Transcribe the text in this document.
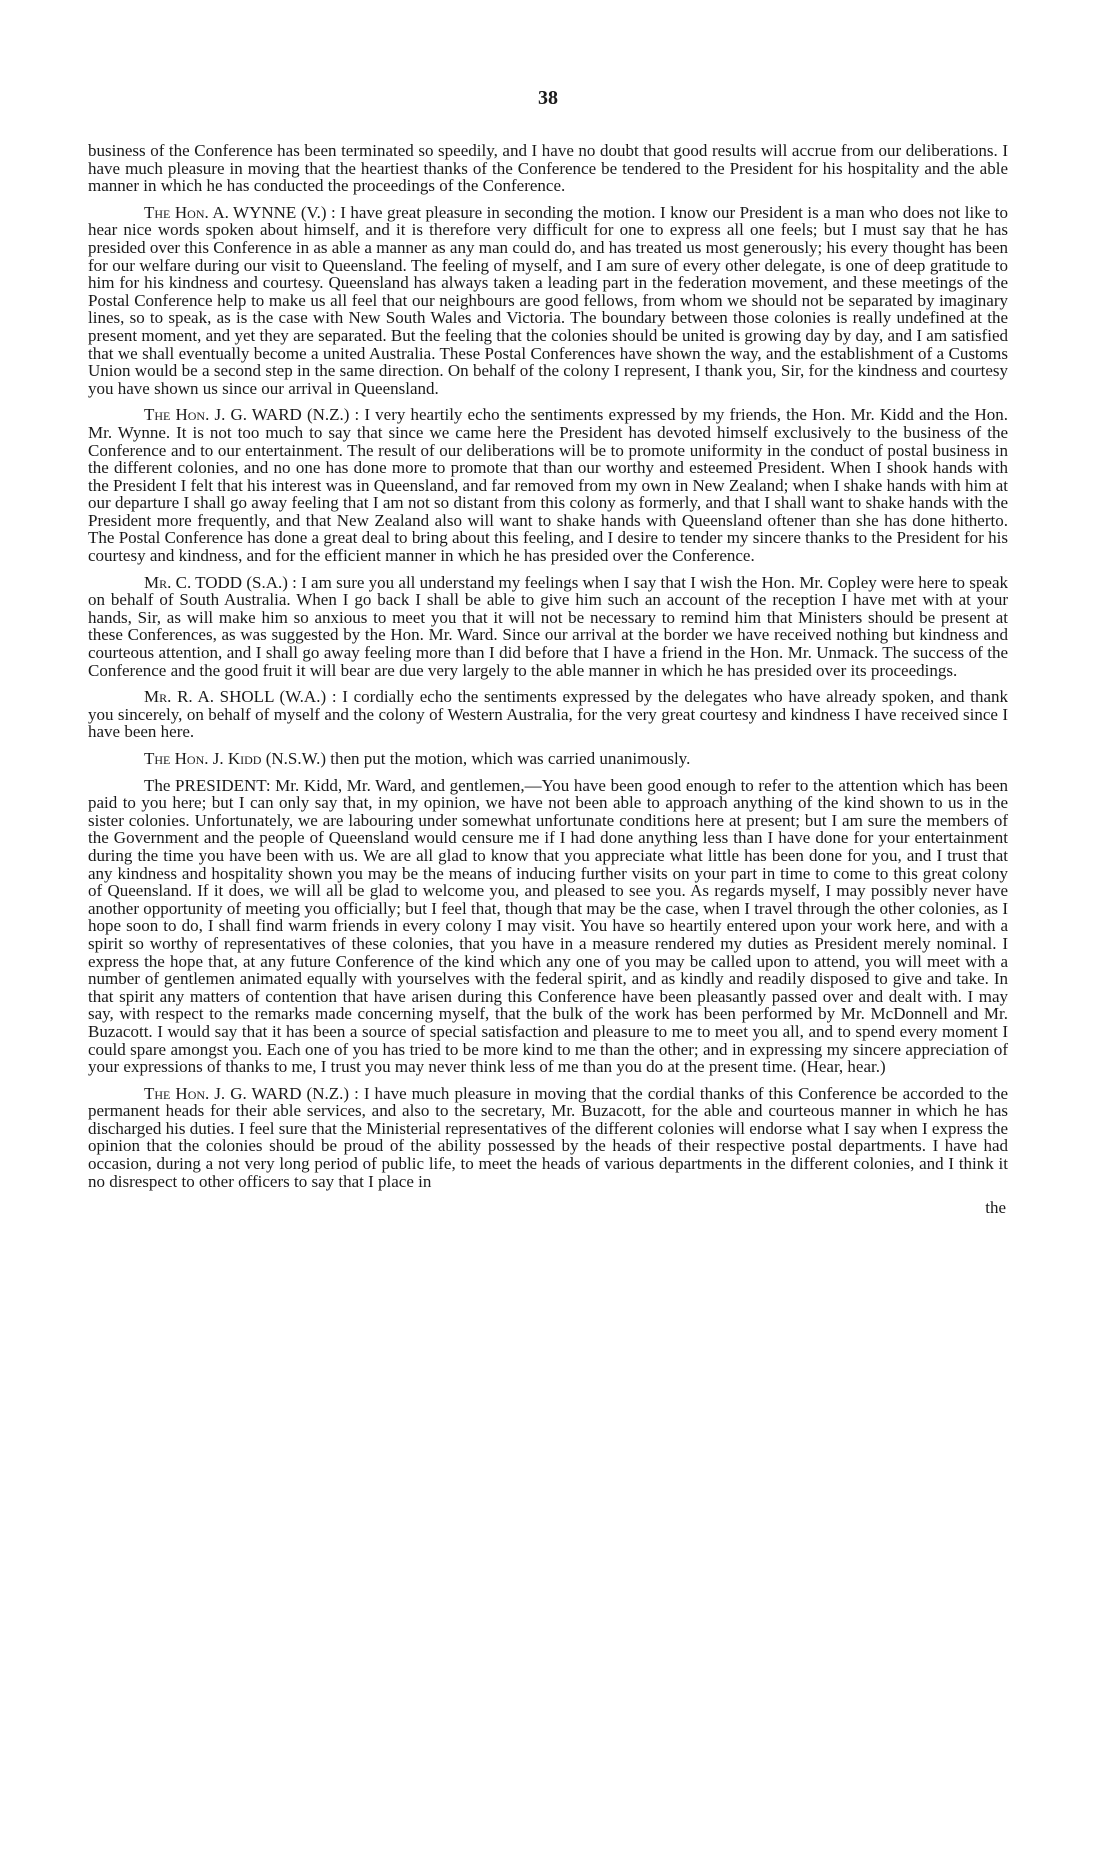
38

business of the Conference has been terminated so speedily, and I have no doubt that good results will accrue from our deliberations. I have much pleasure in moving that the heartiest thanks of the Conference be tendered to the President for his hospitality and the able manner in which he has conducted the proceedings of the Conference.

The Hon. A. WYNNE (V.) : I have great pleasure in seconding the motion. I know our President is a man who does not like to hear nice words spoken about himself, and it is therefore very difficult for one to express all one feels; but I must say that he has presided over this Conference in as able a manner as any man could do, and has treated us most generously; his every thought has been for our welfare during our visit to Queensland. The feeling of myself, and I am sure of every other delegate, is one of deep gratitude to him for his kindness and courtesy. Queensland has always taken a leading part in the federation movement, and these meetings of the Postal Conference help to make us all feel that our neighbours are good fellows, from whom we should not be separated by imaginary lines, so to speak, as is the case with New South Wales and Victoria. The boundary between those colonies is really undefined at the present moment, and yet they are separated. But the feeling that the colonies should be united is growing day by day, and I am satisfied that we shall eventually become a united Australia. These Postal Conferences have shown the way, and the establishment of a Customs Union would be a second step in the same direction. On behalf of the colony I represent, I thank you, Sir, for the kindness and courtesy you have shown us since our arrival in Queensland.

The Hon. J. G. WARD (N.Z.) : I very heartily echo the sentiments expressed by my friends, the Hon. Mr. Kidd and the Hon. Mr. Wynne. It is not too much to say that since we came here the President has devoted himself exclusively to the business of the Conference and to our entertainment. The result of our deliberations will be to promote uniformity in the conduct of postal business in the different colonies, and no one has done more to promote that than our worthy and esteemed President. When I shook hands with the President I felt that his interest was in Queensland, and far removed from my own in New Zealand; when I shake hands with him at our departure I shall go away feeling that I am not so distant from this colony as formerly, and that I shall want to shake hands with the President more frequently, and that New Zealand also will want to shake hands with Queensland oftener than she has done hitherto. The Postal Conference has done a great deal to bring about this feeling, and I desire to tender my sincere thanks to the President for his courtesy and kindness, and for the efficient manner in which he has presided over the Conference.

Mr. C. TODD (S.A.) : I am sure you all understand my feelings when I say that I wish the Hon. Mr. Copley were here to speak on behalf of South Australia. When I go back I shall be able to give him such an account of the reception I have met with at your hands, Sir, as will make him so anxious to meet you that it will not be necessary to remind him that Ministers should be present at these Conferences, as was suggested by the Hon. Mr. Ward. Since our arrival at the border we have received nothing but kindness and courteous attention, and I shall go away feeling more than I did before that I have a friend in the Hon. Mr. Unmack. The success of the Conference and the good fruit it will bear are due very largely to the able manner in which he has presided over its proceedings.

Mr. R. A. SHOLL (W.A.) : I cordially echo the sentiments expressed by the delegates who have already spoken, and thank you sincerely, on behalf of myself and the colony of Western Australia, for the very great courtesy and kindness I have received since I have been here.

The Hon. J. Kidd (N.S.W.) then put the motion, which was carried unanimously.

The PRESIDENT: Mr. Kidd, Mr. Ward, and gentlemen,—You have been good enough to refer to the attention which has been paid to you here; but I can only say that, in my opinion, we have not been able to approach anything of the kind shown to us in the sister colonies. Unfortunately, we are labouring under somewhat unfortunate conditions here at present; but I am sure the members of the Government and the people of Queensland would censure me if I had done anything less than I have done for your entertainment during the time you have been with us. We are all glad to know that you appreciate what little has been done for you, and I trust that any kindness and hospitality shown you may be the means of inducing further visits on your part in time to come to this great colony of Queensland. If it does, we will all be glad to welcome you, and pleased to see you. As regards myself, I may possibly never have another opportunity of meeting you officially; but I feel that, though that may be the case, when I travel through the other colonies, as I hope soon to do, I shall find warm friends in every colony I may visit. You have so heartily entered upon your work here, and with a spirit so worthy of representatives of these colonies, that you have in a measure rendered my duties as President merely nominal. I express the hope that, at any future Conference of the kind which any one of you may be called upon to attend, you will meet with a number of gentlemen animated equally with yourselves with the federal spirit, and as kindly and readily disposed to give and take. In that spirit any matters of contention that have arisen during this Conference have been pleasantly passed over and dealt with. I may say, with respect to the remarks made concerning myself, that the bulk of the work has been performed by Mr. McDonnell and Mr. Buzacott. I would say that it has been a source of special satisfaction and pleasure to me to meet you all, and to spend every moment I could spare amongst you. Each one of you has tried to be more kind to me than the other; and in expressing my sincere appreciation of your expressions of thanks to me, I trust you may never think less of me than you do at the present time. (Hear, hear.)

The Hon. J. G. WARD (N.Z.) : I have much pleasure in moving that the cordial thanks of this Conference be accorded to the permanent heads for their able services, and also to the secretary, Mr. Buzacott, for the able and courteous manner in which he has discharged his duties. I feel sure that the Ministerial representatives of the different colonies will endorse what I say when I express the opinion that the colonies should be proud of the ability possessed by the heads of their respective postal departments. I have had occasion, during a not very long period of public life, to meet the heads of various departments in the different colonies, and I think it no disrespect to other officers to say that I place in

the
